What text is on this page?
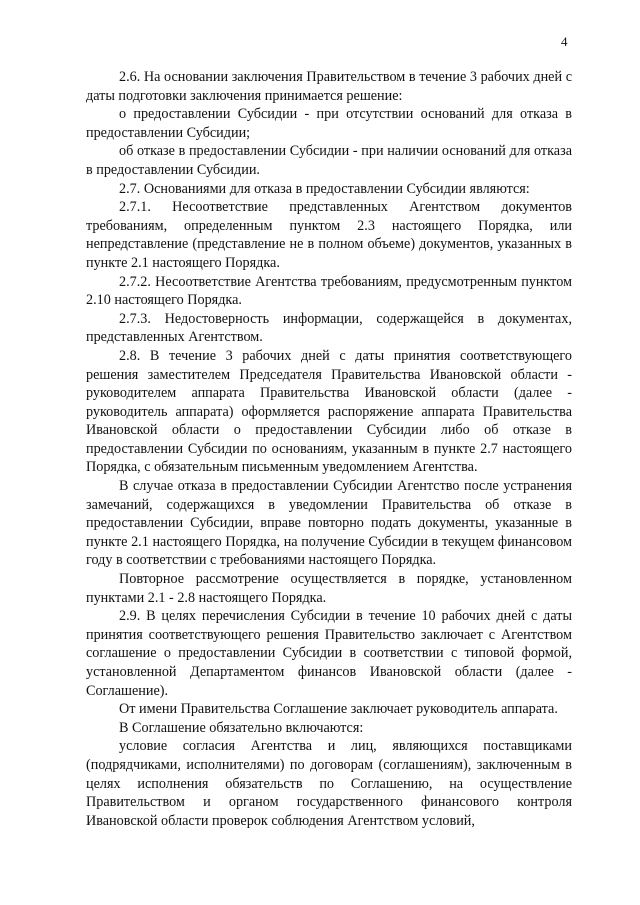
4

2.6. На основании заключения Правительством в течение 3 рабочих дней с даты подготовки заключения принимается решение:

о предоставлении Субсидии - при отсутствии оснований для отказа в предоставлении Субсидии;

об отказе в предоставлении Субсидии - при наличии оснований для отказа в предоставлении Субсидии.

2.7. Основаниями для отказа в предоставлении Субсидии являются:

2.7.1. Несоответствие представленных Агентством документов требованиям, определенным пунктом 2.3 настоящего Порядка, или непредставление (представление не в полном объеме) документов, указанных в пункте 2.1 настоящего Порядка.

2.7.2. Несоответствие Агентства требованиям, предусмотренным пунктом 2.10 настоящего Порядка.

2.7.3. Недостоверность информации, содержащейся в документах, представленных Агентством.

2.8. В течение 3 рабочих дней с даты принятия соответствующего решения заместителем Председателя Правительства Ивановской области - руководителем аппарата Правительства Ивановской области (далее - руководитель аппарата) оформляется распоряжение аппарата Правительства Ивановской области о предоставлении Субсидии либо об отказе в предоставлении Субсидии по основаниям, указанным в пункте 2.7 настоящего Порядка, с обязательным письменным уведомлением Агентства.

В случае отказа в предоставлении Субсидии Агентство после устранения замечаний, содержащихся в уведомлении Правительства об отказе в предоставлении Субсидии, вправе повторно подать документы, указанные в пункте 2.1 настоящего Порядка, на получение Субсидии в текущем финансовом году в соответствии с требованиями настоящего Порядка.

Повторное рассмотрение осуществляется в порядке, установленном пунктами 2.1 - 2.8 настоящего Порядка.

2.9. В целях перечисления Субсидии в течение 10 рабочих дней с даты принятия соответствующего решения Правительство заключает с Агентством соглашение о предоставлении Субсидии в соответствии с типовой формой, установленной Департаментом финансов Ивановской области (далее - Соглашение).

От имени Правительства Соглашение заключает руководитель аппарата.

В Соглашение обязательно включаются:

условие согласия Агентства и лиц, являющихся поставщиками (подрядчиками, исполнителями) по договорам (соглашениям), заключенным в целях исполнения обязательств по Соглашению, на осуществление Правительством и органом государственного финансового контроля Ивановской области проверок соблюдения Агентством условий,
